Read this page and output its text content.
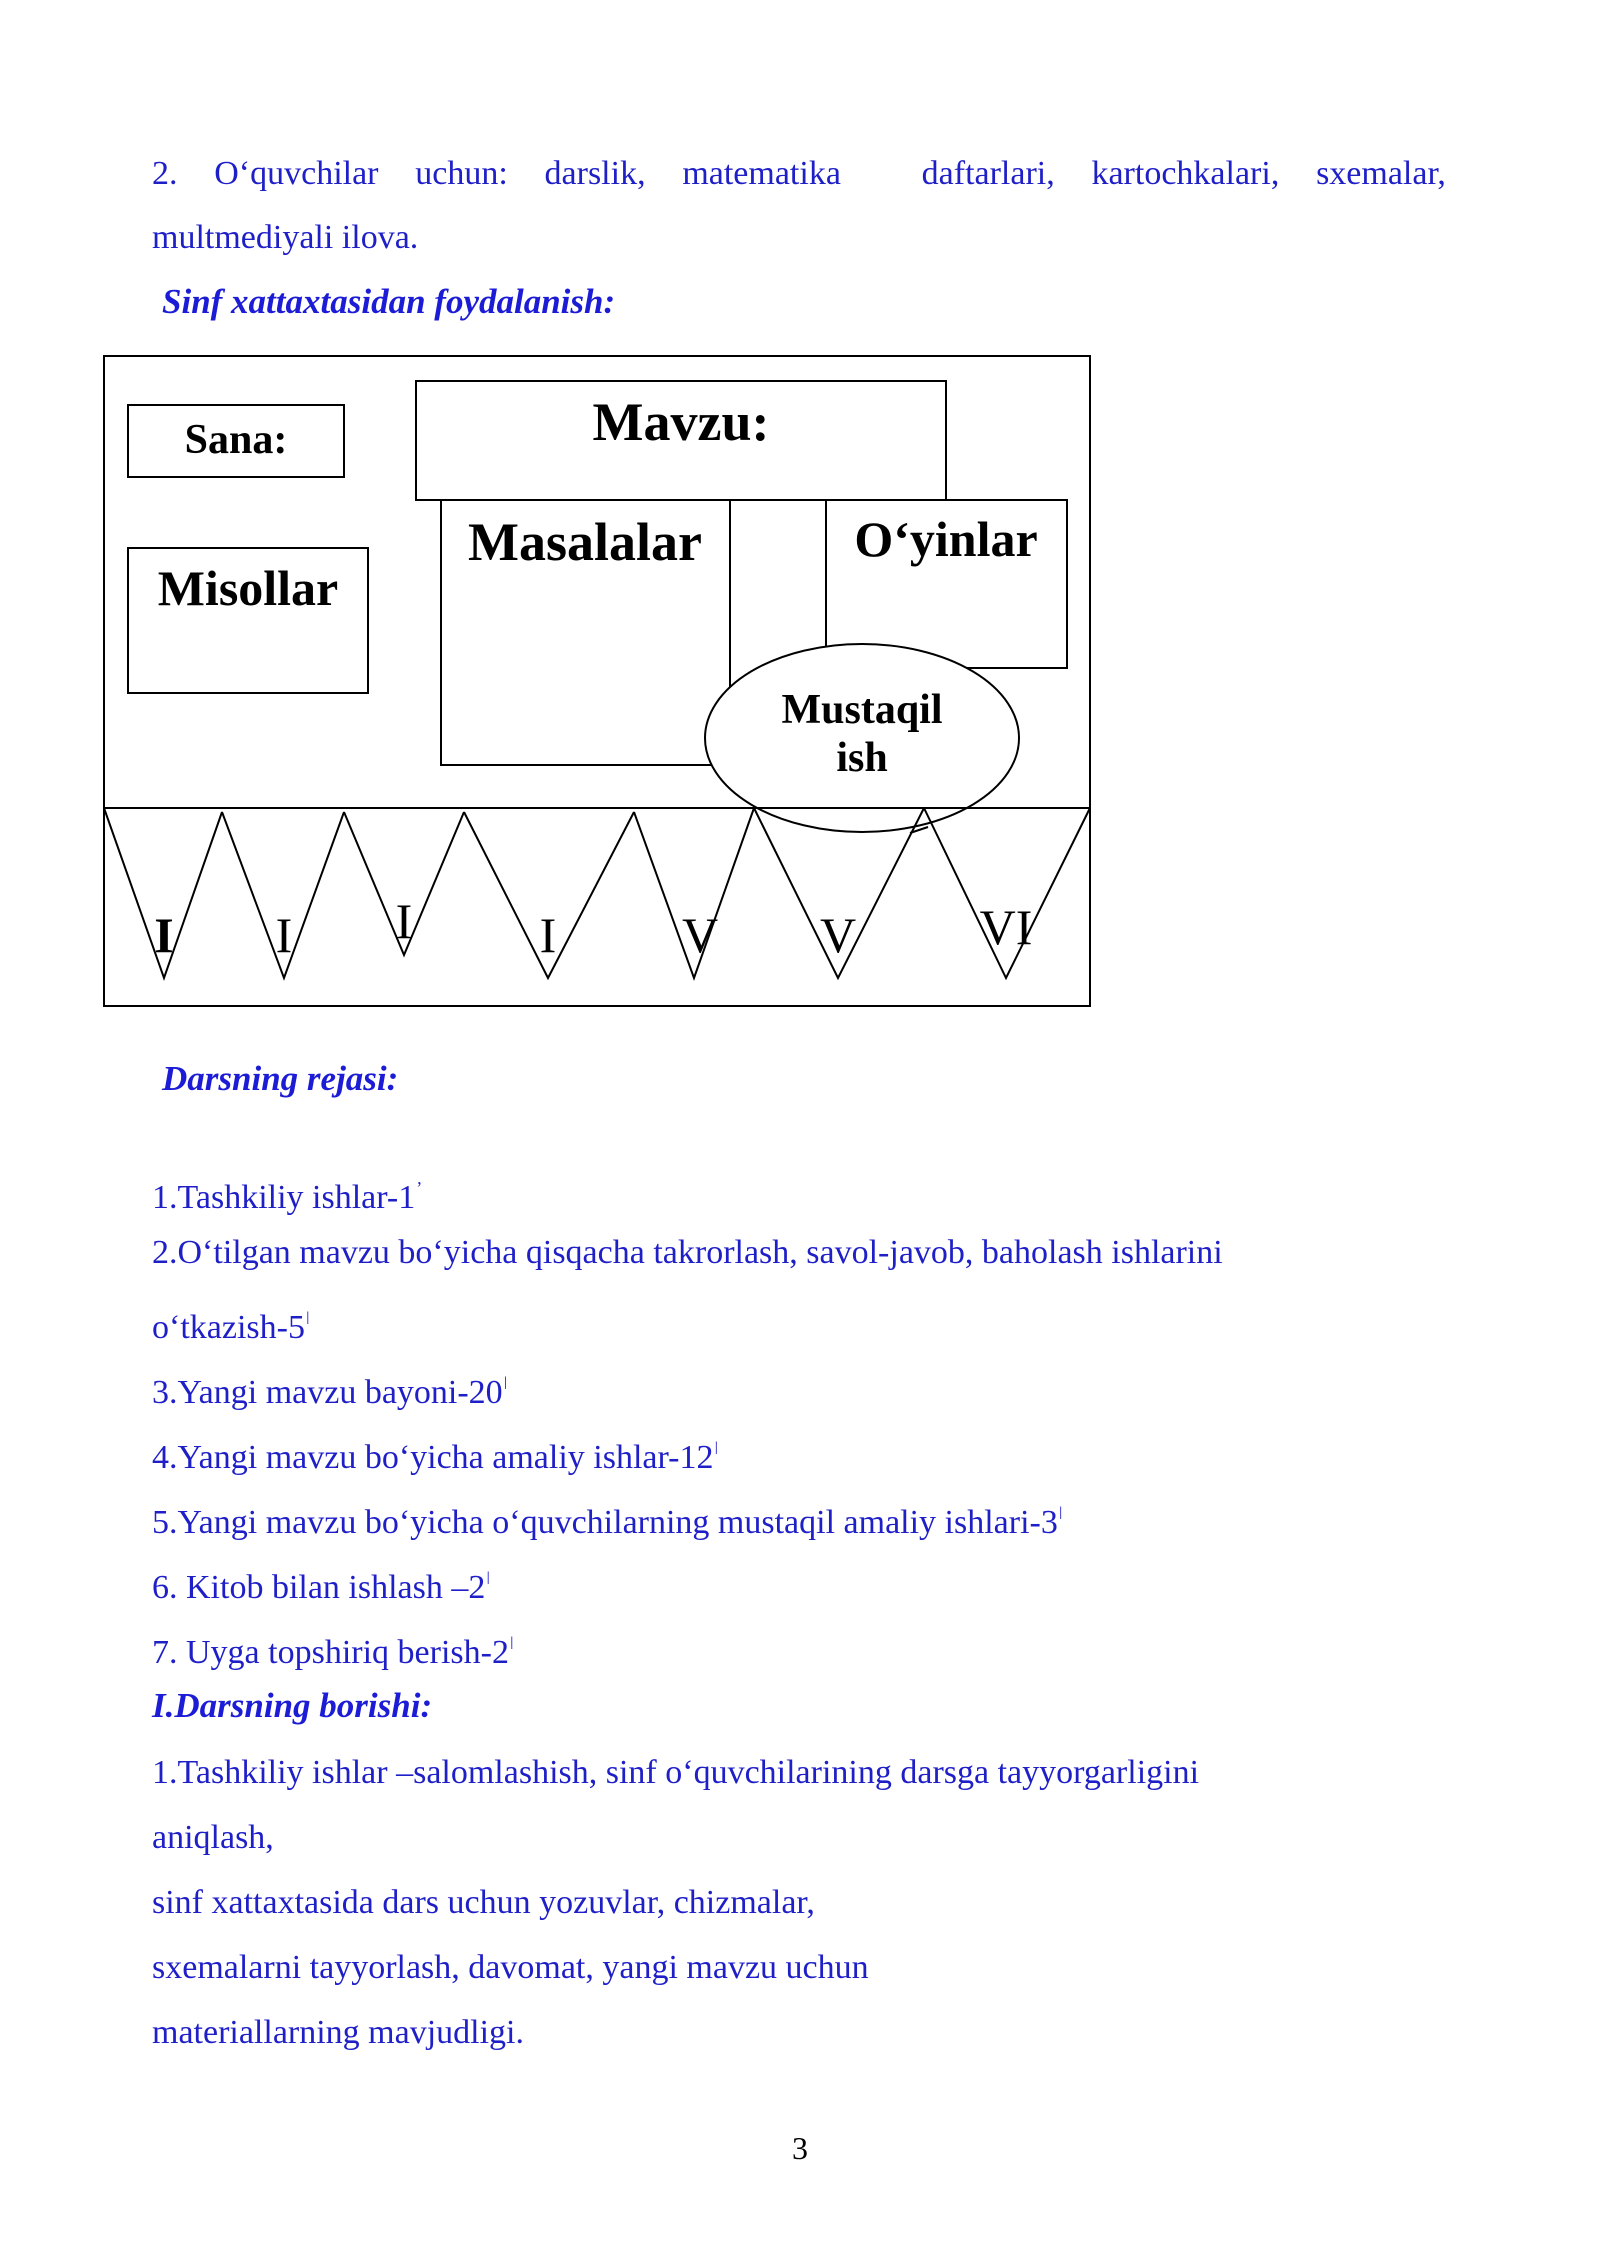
2. O‘quvchilar uchun: darslik, matematika daftarlari, kartochkalari, sxemalar,
multmediyali ilova.
Sinf xattaxtasidan foydalanish:
Sana:	Mavzu:
Misollar
Masalalar	O‘yinlar
Mustaqil
ish
I I I	I	V V VI
Darsning rejasi:
1.Tashkiliy ishlar-1’
2.O‘tilgan mavzu bo‘yicha qisqacha takrorlash, savol-javob, baholash ishlarini
$o‘tkazish-5^ǀ$
3.Yangi mavzu bayoni-$20^ǀ$
4.Yangi mavzu bo‘yicha amaliy ishlar-$12^ǀ$
5.Yangi mavzu bo‘yicha o‘quvchilarning mustaqil amaliy ishlari-$3^ǀ$
6. Kitob bilan ishlash $-2^ǀ$
7. Uyga topshiriq berish-$2^ǀ$
I.Darsning borishi:
1.Tashkiliy ishlar –salomlashish, sinf o‘quvchilarining darsga tayyorgarligini
aniqlash,
sinf xattaxtasida dars uchun yozuvlar, chizmalar,
sxemalarni tayyorlash, davomat, yangi mavzu uchun
materiallarning mavjudligi.
3
